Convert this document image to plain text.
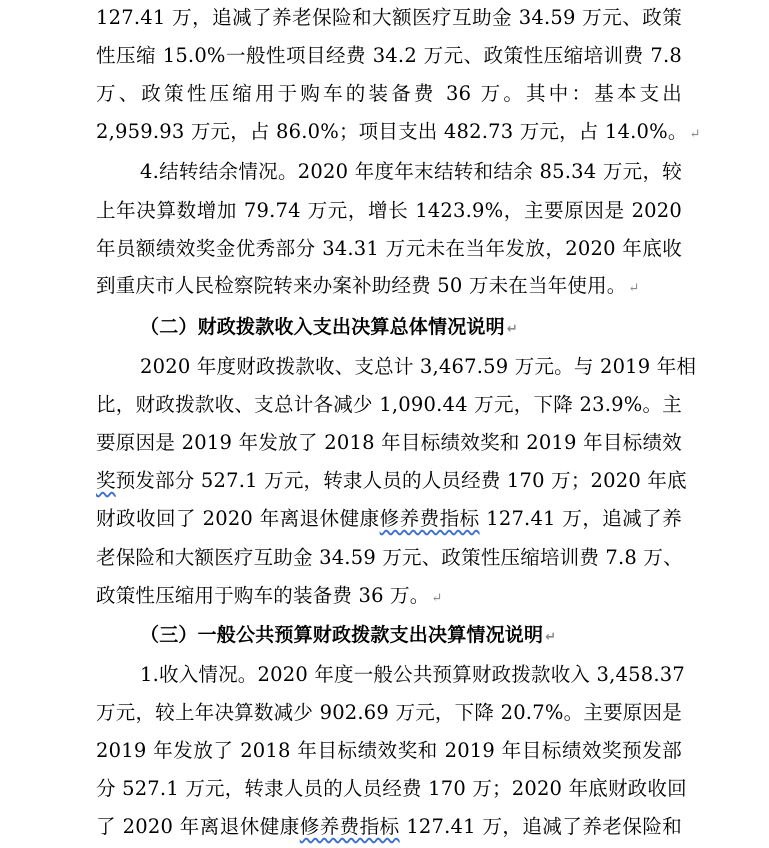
127.41 万，追减了养老保险和大额医疗互助金 34.59 万元、政策
性压缩 15.0%一般性项目经费 34.2 万元、政策性压缩培训费 7.8
万、政策性压缩用于购车的装备费 36 万。其中：基本支出
2,959.93 万元，占 86.0%；项目支出 482.73 万元，占 14.0%。 ↵
4.结转结余情况。2020 年度年末结转和结余 85.34 万元，较
上年决算数增加 79.74 万元，增长 1423.9%，主要原因是 2020
年员额绩效奖金优秀部分 34.31 万元未在当年发放，2020 年底收
到重庆市人民检察院转来办案补助经费 50 万未在当年使用。 ↵
（二）财政拨款收入支出决算总体情况说明 ↵
2020 年度财政拨款收、支总计 3,467.59 万元。与 2019 年相
比，财政拨款收、支总计各减少 1,090.44 万元，下降 23.9%。主
要原因是 2019 年发放了 2018 年目标绩效奖和 2019 年目标绩效
奖预发部分 527.1 万元，转隶人员的人员经费 170 万；2020 年底
财政收回了 2020 年离退休健康修养费指标 127.41 万，追减了养
老保险和大额医疗互助金 34.59 万元、政策性压缩培训费 7.8 万、
政策性压缩用于购车的装备费 36 万。 ↵
（三）一般公共预算财政拨款支出决算情况说明 ↵
1.收入情况。2020 年度一般公共预算财政拨款收入 3,458.37
万元，较上年决算数减少 902.69 万元，下降 20.7%。主要原因是
2019 年发放了 2018 年目标绩效奖和 2019 年目标绩效奖预发部
分 527.1 万元，转隶人员的人员经费 170 万；2020 年底财政收回
了 2020 年离退休健康修养费指标 127.41 万，追减了养老保险和
